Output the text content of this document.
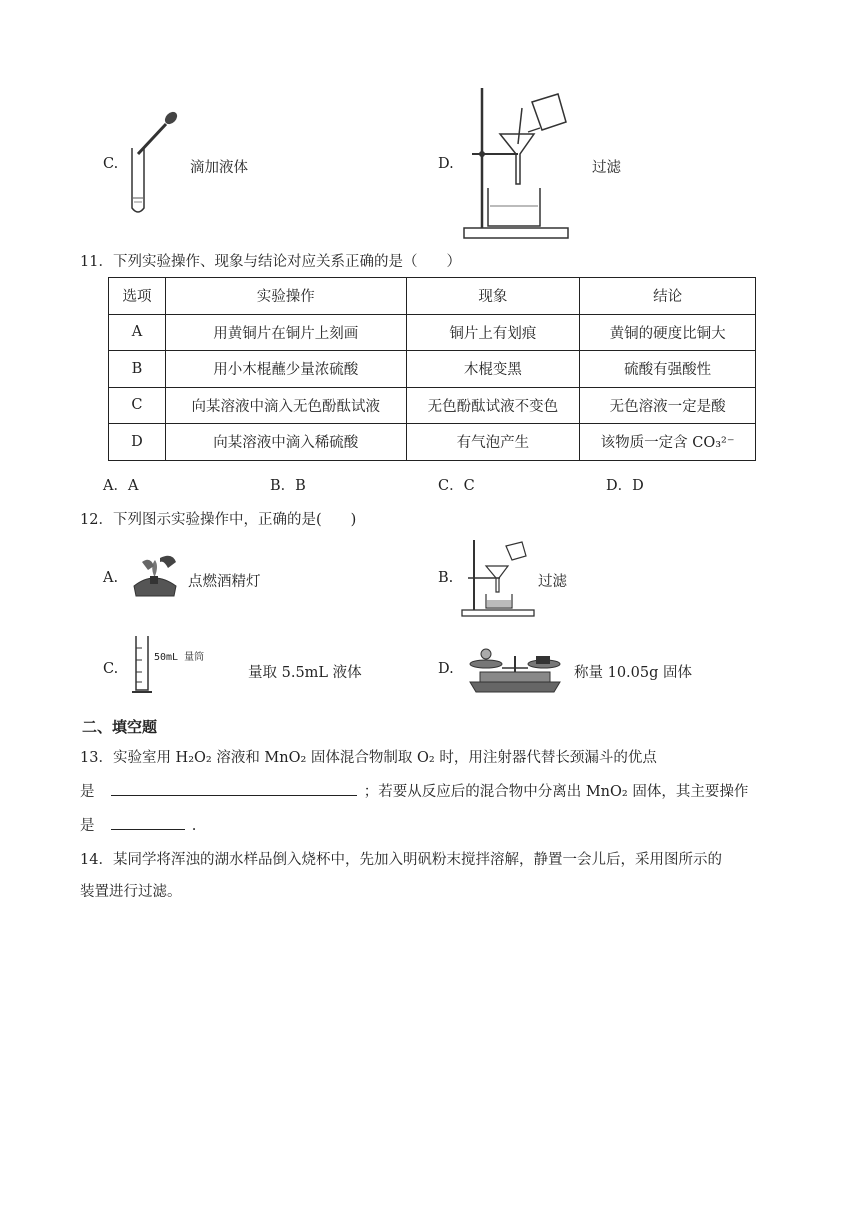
C.	滴加液体	D.	过滤
11．下列实验操作、现象与结论对应关系正确的是（　　）
选项	实验操作	现象	结论
A	用黄铜片在铜片上刻画	铜片上有划痕	黄铜的硬度比铜大
B	用小木棍蘸少量浓硫酸	木棍变黑	硫酸有强酸性
C	向某溶液中滴入无色酚酞试液	无色酚酞试液不变色	无色溶液一定是酸
D	向某溶液中滴入稀硫酸	有气泡产生	该物质一定含 CO₃²⁻
A．A	B．B	C．C	D．D
12．下列图示实验操作中，正确的是(　　)
A.	点燃酒精灯	B.	过滤
C.
50mL 量筒
量取 5.5mL 液体	D.	称量 10.05g 固体
二、填空题
13．实验室用 H₂O₂ 溶液和 MnO₂ 固体混合物制取 O₂ 时，用注射器代替长颈漏斗的优点
是	；若要从反应后的混合物中分离出 MnO₂ 固体，其主要操作
是	.
14．某同学将浑浊的湖水样品倒入烧杯中，先加入明矾粉末搅拌溶解，静置一会儿后，采用图所示的
装置进行过滤。
